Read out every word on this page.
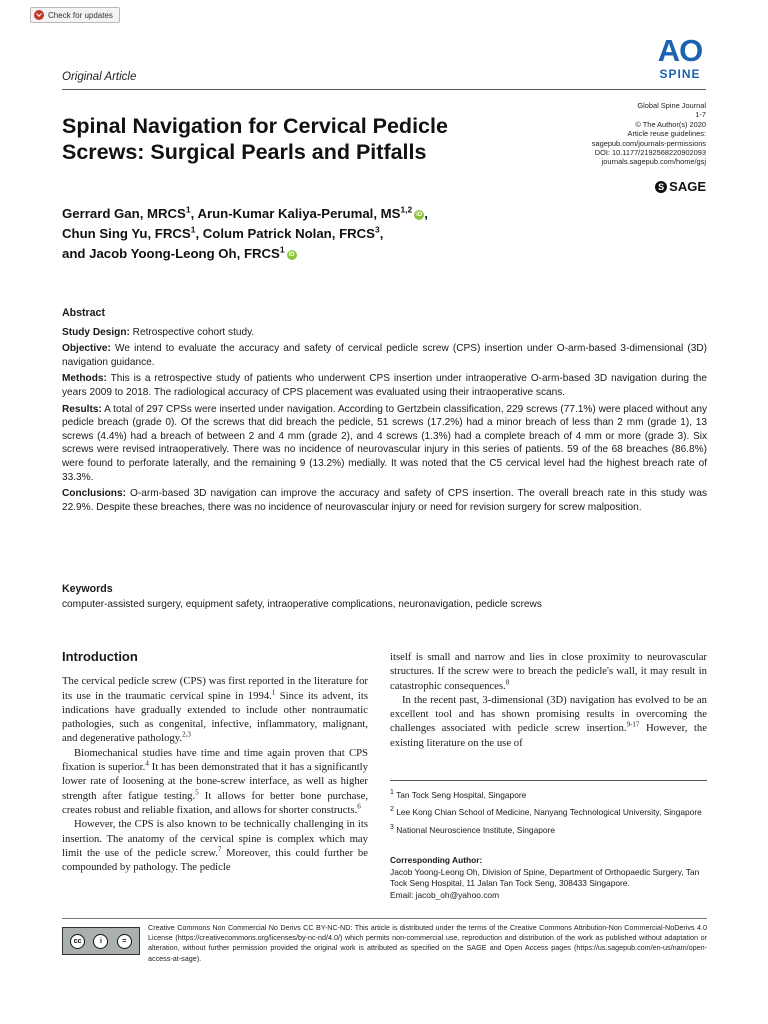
Check for updates
AO
SPINE
Original Article
Spinal Navigation for Cervical Pedicle Screws: Surgical Pearls and Pitfalls
Global Spine Journal
1-7
© The Author(s) 2020
Article reuse guidelines:
sagepub.com/journals-permissions
DOI: 10.1177/2192568220902093
journals.sagepub.com/home/gsj
S SAGE
Gerrard Gan, MRCS$^1$, Arun-Kumar Kaliya-Perumal, MS$^{1,2}$ iD ,
Chun Sing Yu, FRCS$^1$, Colum Patrick Nolan, FRCS$^3$,
and Jacob Yoong-Leong Oh, FRCS$^1$ iD
Abstract

Study Design: Retrospective cohort study.

Objective: We intend to evaluate the accuracy and safety of cervical pedicle screw (CPS) insertion under O-arm-based 3-dimensional (3D) navigation guidance.

Methods: This is a retrospective study of patients who underwent CPS insertion under intraoperative O-arm-based 3D navigation during the years 2009 to 2018. The radiological accuracy of CPS placement was evaluated using their intraoperative scans.

Results: A total of 297 CPSs were inserted under navigation. According to Gertzbein classification, 229 screws (77.1%) were placed without any pedicle breach (grade 0). Of the screws that did breach the pedicle, 51 screws (17.2%) had a minor breach of less than 2 mm (grade 1), 13 screws (4.4%) had a breach of between 2 and 4 mm (grade 2), and 4 screws (1.3%) had a complete breach of 4 mm or more (grade 3). Six screws were revised intraoperatively. There was no incidence of neurovascular injury in this series of patients. 59 of the 68 breaches (86.8%) were found to perforate laterally, and the remaining 9 (13.2%) medially. It was noted that the C5 cervical level had the highest breach rate of 33.3%.

Conclusions: O-arm-based 3D navigation can improve the accuracy and safety of CPS insertion. The overall breach rate in this study was 22.9%. Despite these breaches, there was no incidence of neurovascular injury or need for revision surgery for screw malposition.

Keywords
computer-assisted surgery, equipment safety, intraoperative complications, neuronavigation, pedicle screws
Introduction

The cervical pedicle screw (CPS) was first reported in the literature for its use in the traumatic cervical spine in 1994.$^1$ Since its advent, its indications have gradually extended to include other nontraumatic pathologies, such as congenital, infective, inflammatory, malignant, and degenerative pathology.$^{2,3}$

Biomechanical studies have time and time again proven that CPS fixation is superior.$^4$ It has been demonstrated that it has a significantly lower rate of loosening at the bone-screw interface, as well as higher strength after fatigue testing.$^5$ It allows for better bone purchase, creates robust and reliable fixation, and allows for shorter constructs.$^6$

However, the CPS is also known to be technically challenging in its insertion. The anatomy of the cervical spine is complex which may limit the use of the pedicle screw.$^7$ Moreover, this could further be compounded by pathology. The pedicle

itself is small and narrow and lies in close proximity to neurovascular structures. If the screw were to breach the pedicle's wall, it may result in catastrophic consequences.$^8$

In the recent past, 3-dimensional (3D) navigation has evolved to be an excellent tool and has shown promising results in overcoming the challenges associated with pedicle screw insertion.$^{9-17}$ However, the existing literature on the use of

$^1$ Tan Tock Seng Hospital, Singapore
$^2$ Lee Kong Chian School of Medicine, Nanyang Technological University, Singapore
$^3$ National Neuroscience Institute, Singapore
Corresponding Author:
Jacob Yoong-Leong Oh, Division of Spine, Department of Orthopaedic Surgery, Tan Tock Seng Hospital, 11 Jalan Tan Tock Seng, 308433 Singapore.
Email: jacob_oh@yahoo.com
cc	i	=
Creative Commons Non Commercial No Derivs CC BY-NC-ND: This article is distributed under the terms of the Creative Commons Attribution-Non Commercial-NoDerivs 4.0 License (https://creativecommons.org/licenses/by-nc-nd/4.0/) which permits non-commercial use, reproduction and distribution of the work as published without adaptation or alteration, without further permission provided the original work is attributed as specified on the SAGE and Open Access pages (https://us.sagepub.com/en-us/nam/open-access-at-sage).
